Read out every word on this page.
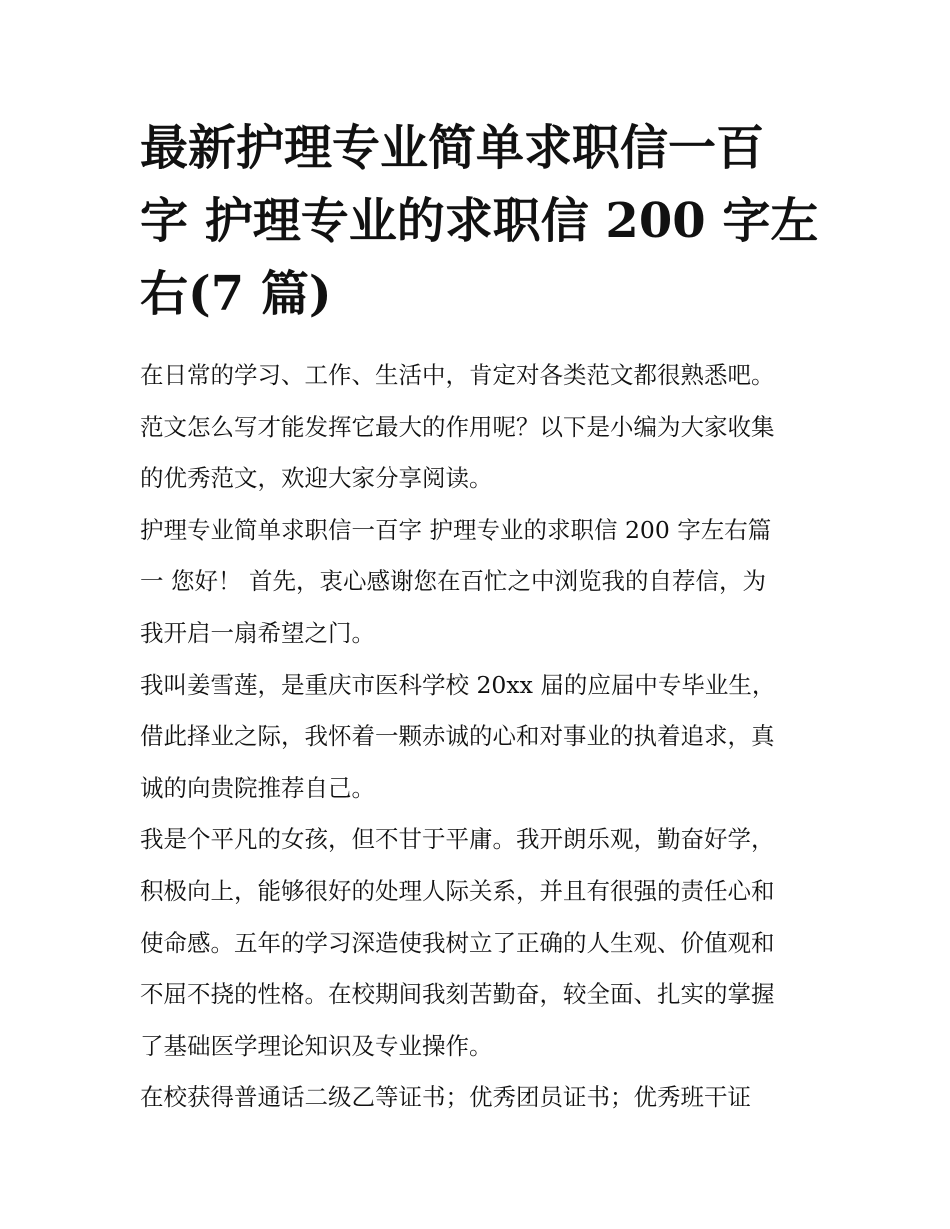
最新护理专业简单求职信一百
字 护理专业的求职信 200 字左
右(7 篇)
在日常的学习、工作、生活中，肯定对各类范文都很熟悉吧。
范文怎么写才能发挥它最大的作用呢？以下是小编为大家收集
的优秀范文，欢迎大家分享阅读。
护理专业简单求职信一百字 护理专业的求职信 200 字左右篇
一 您好！ 首先，衷心感谢您在百忙之中浏览我的自荐信，为
我开启一扇希望之门。
我叫姜雪莲，是重庆市医科学校 20xx 届的应届中专毕业生，
借此择业之际，我怀着一颗赤诚的心和对事业的执着追求，真
诚的向贵院推荐自己。
我是个平凡的女孩，但不甘于平庸。我开朗乐观，勤奋好学，
积极向上，能够很好的处理人际关系，并且有很强的责任心和
使命感。五年的学习深造使我树立了正确的人生观、价值观和
不屈不挠的性格。在校期间我刻苦勤奋，较全面、扎实的掌握
了基础医学理论知识及专业操作。
在校获得普通话二级乙等证书；优秀团员证书；优秀班干证
